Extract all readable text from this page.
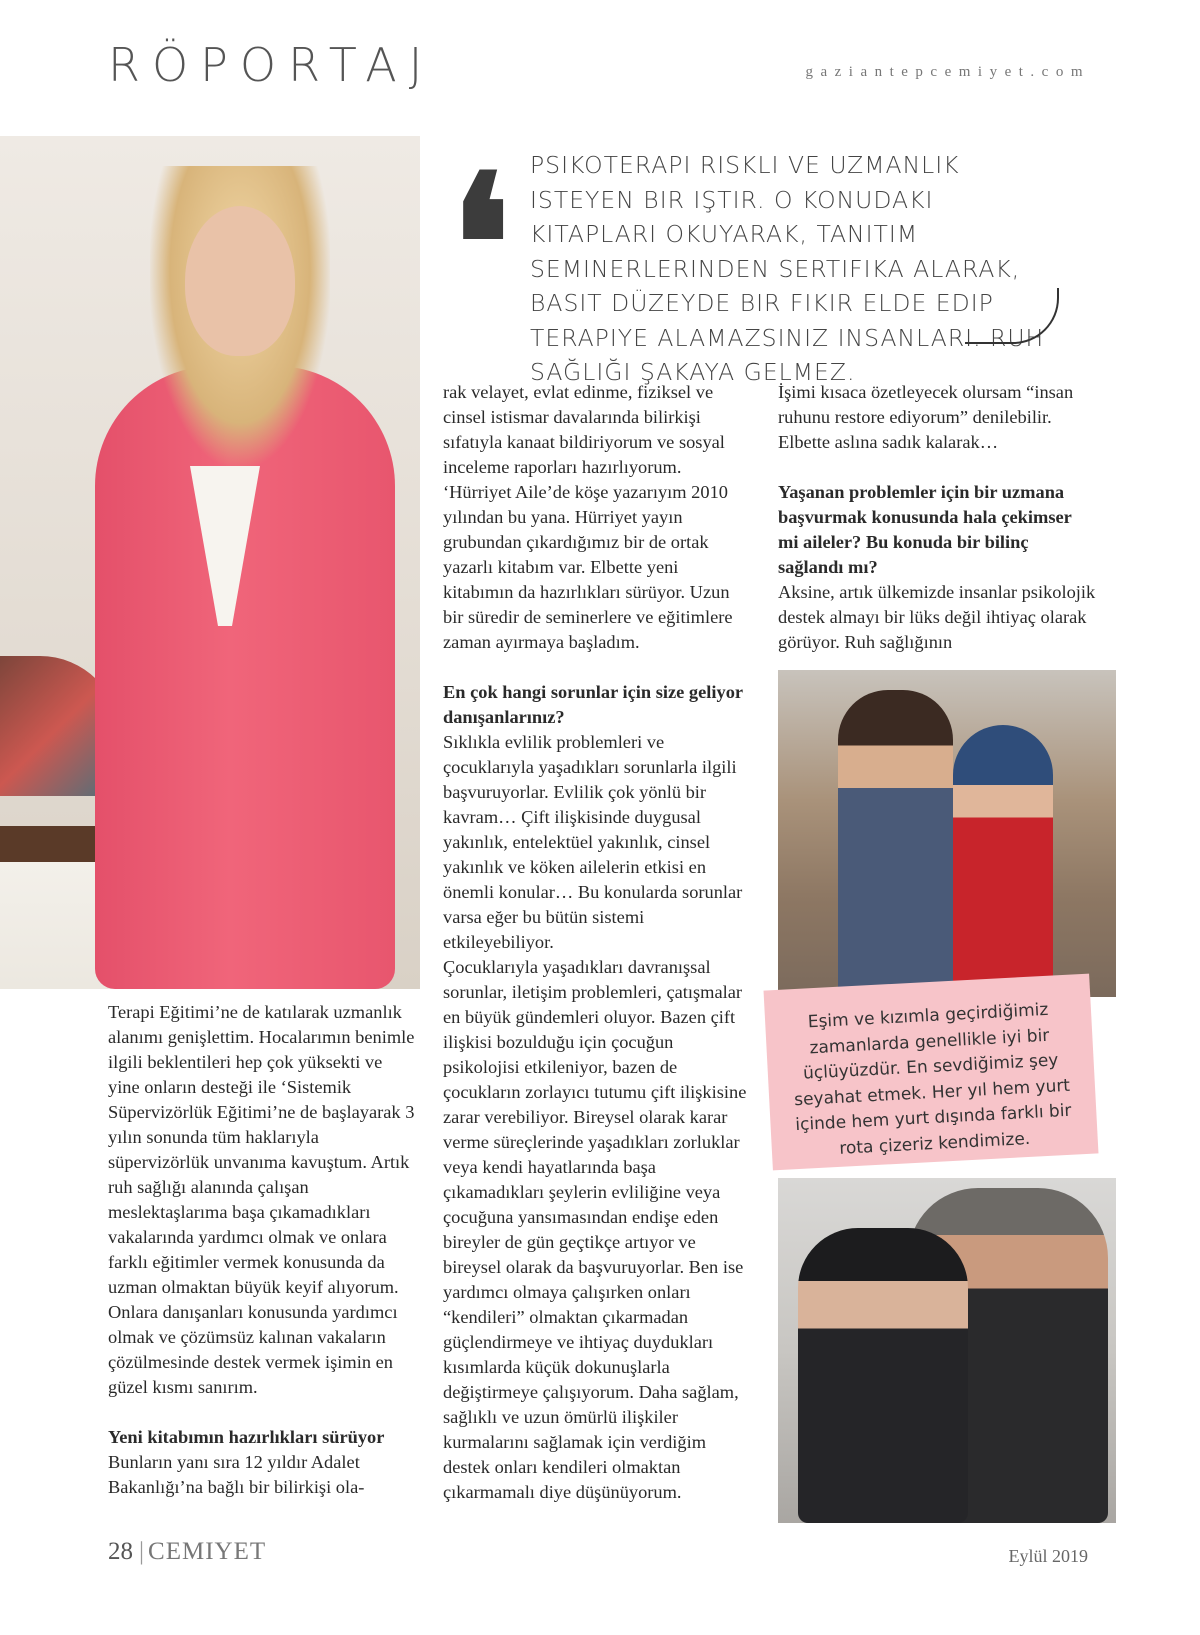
RÖPORTAJ	gaziantepcemiyet.com
❛ PSIKOTERAPI RISKLI VE UZMANLIK ISTEYEN BIR IŞTIR. O KONUDAKI KITAPLARI OKUYARAK, TANITIM SEMINERLERINDEN SERTIFIKA ALARAK, BASIT DÜZEYDE BIR FIKIR ELDE EDIP TERAPIYE ALAMAZSINIZ INSANLARI. RUH SAĞLIĞI ŞAKAYA GELMEZ.

Terapi Eğitimi’ne de katılarak uzmanlık alanımı genişlettim. Hocalarımın benimle ilgili beklentileri hep çok yüksekti ve yine onların desteği ile ‘Sistemik Süpervizörlük Eğitimi’ne de başlayarak 3 yılın sonunda tüm haklarıyla süpervizörlük unvanıma kavuştum. Artık ruh sağlığı alanında çalışan meslektaşlarıma başa çıkamadıkları vakalarında yardımcı olmak ve onlara farklı eğitimler vermek konusunda da uzman olmaktan büyük keyif alıyorum. Onlara danışanları konusunda yardımcı olmak ve çözümsüz kalınan vakaların çözülmesinde destek vermek işimin en güzel kısmı sanırım.

Yeni kitabımın hazırlıkları sürüyor

Bunların yanı sıra 12 yıldır Adalet Bakanlığı’na bağlı bir bilirkişi ola-

rak velayet, evlat edinme, fiziksel ve cinsel istismar davalarında bilirkişi sıfatıyla kanaat bildiriyorum ve sosyal inceleme raporları hazırlıyorum. ‘Hürriyet Aile’de köşe yazarıyım 2010 yılından bu yana. Hürriyet yayın grubundan çıkardığımız bir de ortak yazarlı kitabım var. Elbette yeni kitabımın da hazırlıkları sürüyor. Uzun bir süredir de seminerlere ve eğitimlere zaman ayırmaya başladım.

En çok hangi sorunlar için size geliyor danışanlarınız?

Sıklıkla evlilik problemleri ve çocuklarıyla yaşadıkları sorunlarla ilgili başvuruyorlar. Evlilik çok yönlü bir kavram… Çift ilişkisinde duygusal yakınlık, entelektüel yakınlık, cinsel yakınlık ve köken ailelerin etkisi en önemli konular… Bu konularda sorunlar varsa eğer bu bütün sistemi etkileyebiliyor.

Çocuklarıyla yaşadıkları davranışsal sorunlar, iletişim problemleri, çatışmalar en büyük gündemleri oluyor. Bazen çift ilişkisi bozulduğu için çocuğun psikolojisi etkileniyor, bazen de çocukların zorlayıcı tutumu çift ilişkisine zarar verebiliyor. Bireysel olarak karar verme süreçlerinde yaşadıkları zorluklar veya kendi hayatlarında başa çıkamadıkları şeylerin evliliğine veya çocuğuna yansımasından endişe eden bireyler de gün geçtikçe artıyor ve bireysel olarak da başvuruyorlar. Ben ise yardımcı olmaya çalışırken onları “kendileri” olmaktan çıkarmadan güçlendirmeye ve ihtiyaç duydukları kısımlarda küçük dokunuşlarla değiştirmeye çalışıyorum. Daha sağlam, sağlıklı ve uzun ömürlü ilişkiler kurmalarını sağlamak için verdiğim destek onları kendileri olmaktan çıkarmamalı diye düşünüyorum.

İşimi kısaca özetleyecek olursam “insan ruhunu restore ediyorum” denilebilir. Elbette aslına sadık kalarak…

Yaşanan problemler için bir uzmana başvurmak konusunda hala çekimser mi aileler? Bu konuda bir bilinç sağlandı mı?

Aksine, artık ülkemizde insanlar psikolojik destek almayı bir lüks değil ihtiyaç olarak görüyor. Ruh sağlığının

Eşim ve kızımla geçirdiğimiz zamanlarda genellikle iyi bir üçlüyüzdür. En sevdiğimiz şey seyahat etmek. Her yıl hem yurt içinde hem yurt dışında farklı bir rota çizeriz kendimize.
28 | CEMIYET	Eylül 2019
